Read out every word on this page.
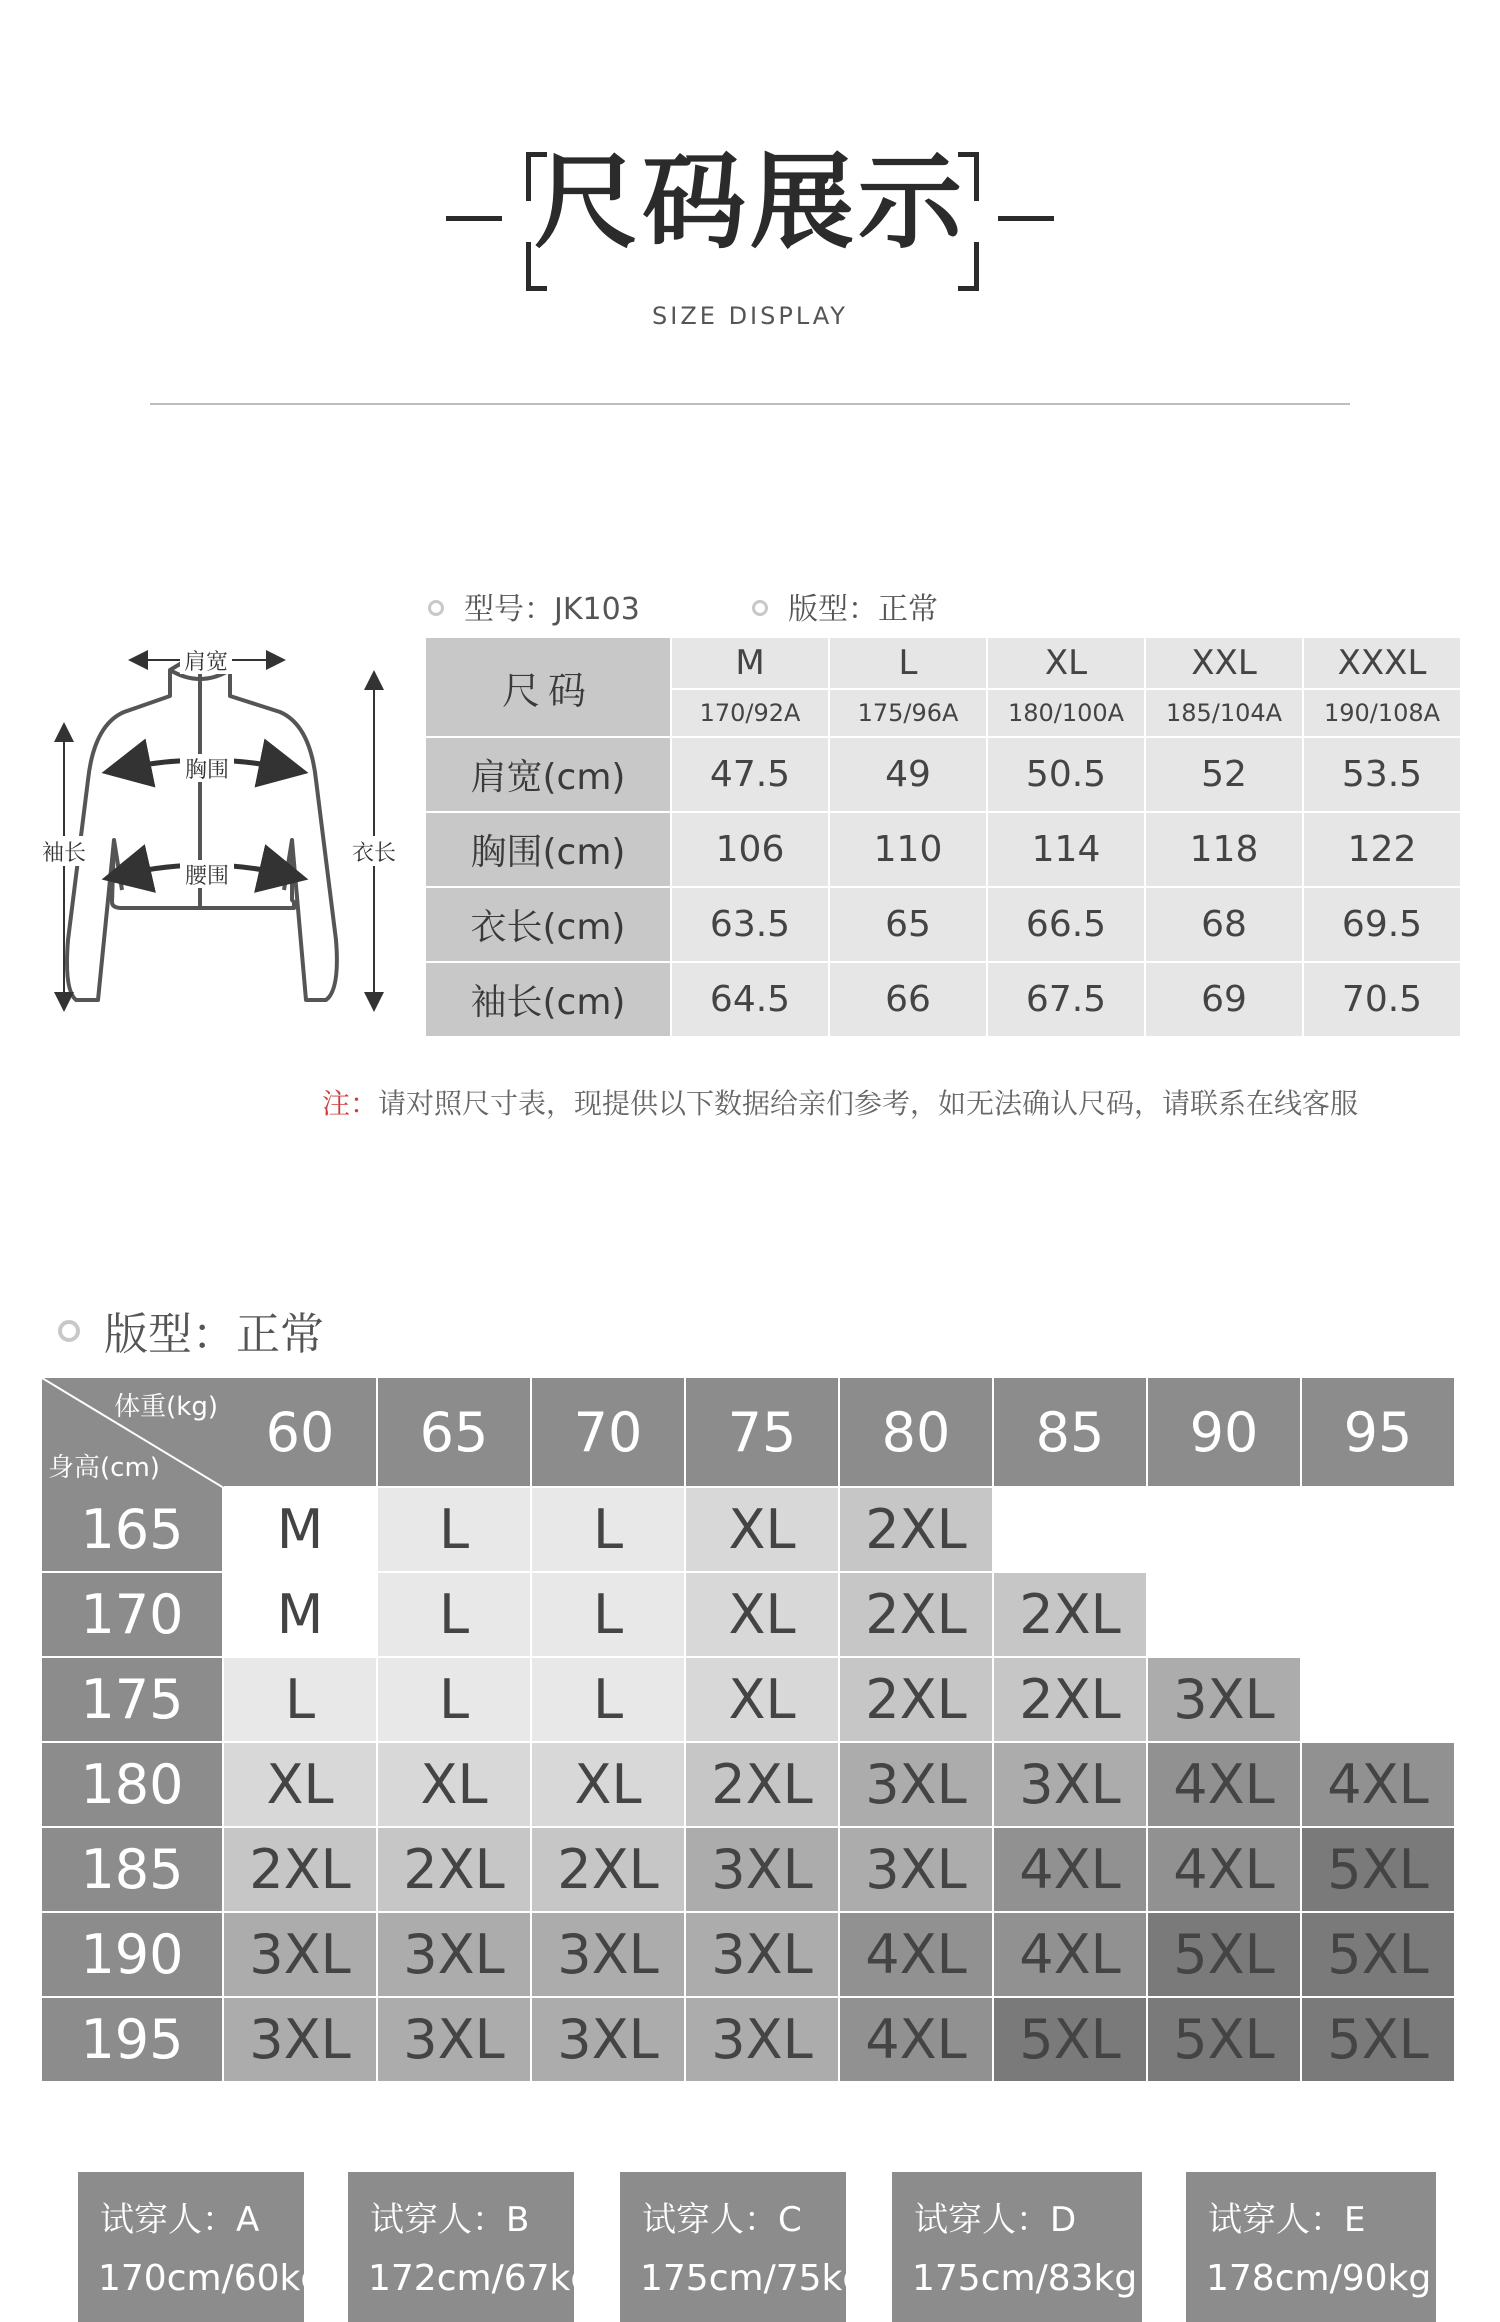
尺码展示
SIZE DISPLAY
型号：JK103	版型：正常
肩宽
胸围
腰围
袖长	衣长
尺码	M	L	XL	XXL	XXXL
	170/92A	175/96A	180/100A	185/104A	190/108A
肩宽(cm)	47.5	49	50.5	52	53.5
胸围(cm)	106	110	114	118	122
衣长(cm)	63.5	65	66.5	68	69.5
袖长(cm)	64.5	66	67.5	69	70.5
注：请对照尺寸表，现提供以下数据给亲们参考，如无法确认尺码，请联系在线客服
版型：正常
体重(kg)
身高(cm)
60	65	70	75	80	85	90	95
165	M	L	L	XL	2XL
170	M	L	L	XL	2XL 2XL
175	L	L	L	XL	2XL 2XL 3XL
180	XL	XL	XL	2XL 3XL 3XL 4XL 4XL
185	2XL 2XL 2XL 3XL 3XL 4XL 4XL 5XL
190	3XL 3XL 3XL 3XL 4XL 4XL 5XL 5XL
195	3XL 3XL 3XL 3XL 4XL 5XL 5XL 5XL
试穿人：A
170cm/60kg
试穿人：B
172cm/67kg
试穿人：C
175cm/75kg
试穿人：D
175cm/83kg
试穿人：E
178cm/90kg
